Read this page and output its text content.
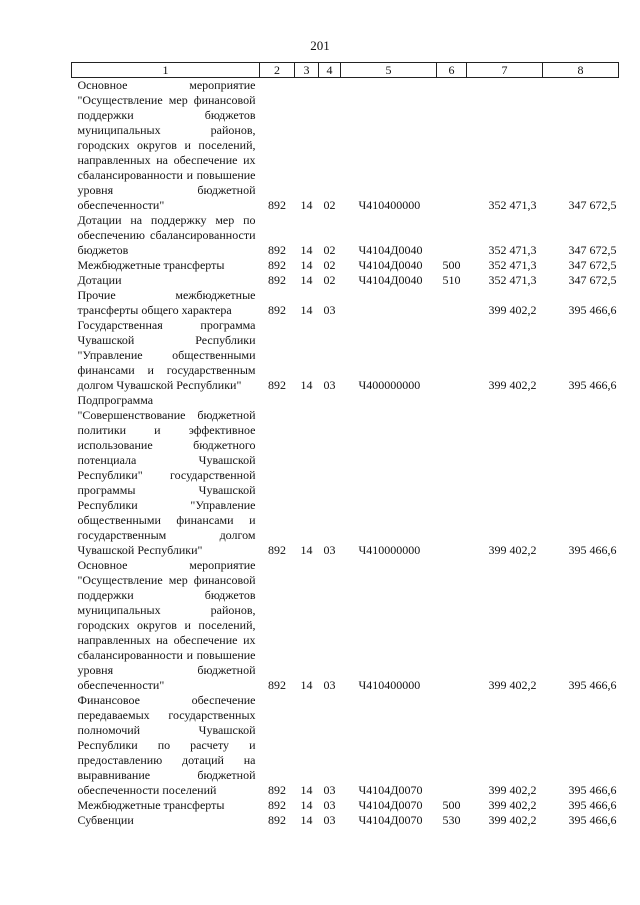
201
1	2	3	4	5	6	7	8
Основное мероприятие "Осуществление мер финансовой поддержки бюджетов муниципальных районов, городских округов и поселений, направленных на обеспечение их сбалансированности и повышение уровня бюджетной обеспеченности"	892	14	02	Ч410400000		352 471,3	347 672,5
Дотации на поддержку мер по обеспечению сбалансированности бюджетов	892	14	02	Ч4104Д0040		352 471,3	347 672,5
Межбюджетные трансферты	892	14	02	Ч4104Д0040	500	352 471,3	347 672,5
Дотации	892	14	02	Ч4104Д0040	510	352 471,3	347 672,5
Прочие межбюджетные трансферты общего характера	892	14	03			399 402,2	395 466,6
Государственная программа Чувашской Республики "Управление общественными финансами и государственным долгом Чувашской Республики"	892	14	03	Ч400000000		399 402,2	395 466,6
Подпрограмма "Совершенствование бюджетной политики и эффективное использование бюджетного потенциала Чувашской Республики" государственной программы Чувашской Республики "Управление общественными финансами и государственным долгом Чувашской Республики"	892	14	03	Ч410000000		399 402,2	395 466,6
Основное мероприятие "Осуществление мер финансовой поддержки бюджетов муниципальных районов, городских округов и поселений, направленных на обеспечение их сбалансированности и повышение уровня бюджетной обеспеченности"	892	14	03	Ч410400000		399 402,2	395 466,6
Финансовое обеспечение передаваемых государственных полномочий Чувашской Республики по расчету и предоставлению дотаций на выравнивание бюджетной обеспеченности поселений	892	14	03	Ч4104Д0070		399 402,2	395 466,6
Межбюджетные трансферты	892	14	03	Ч4104Д0070	500	399 402,2	395 466,6
Субвенции	892	14	03	Ч4104Д0070	530	399 402,2	395 466,6
